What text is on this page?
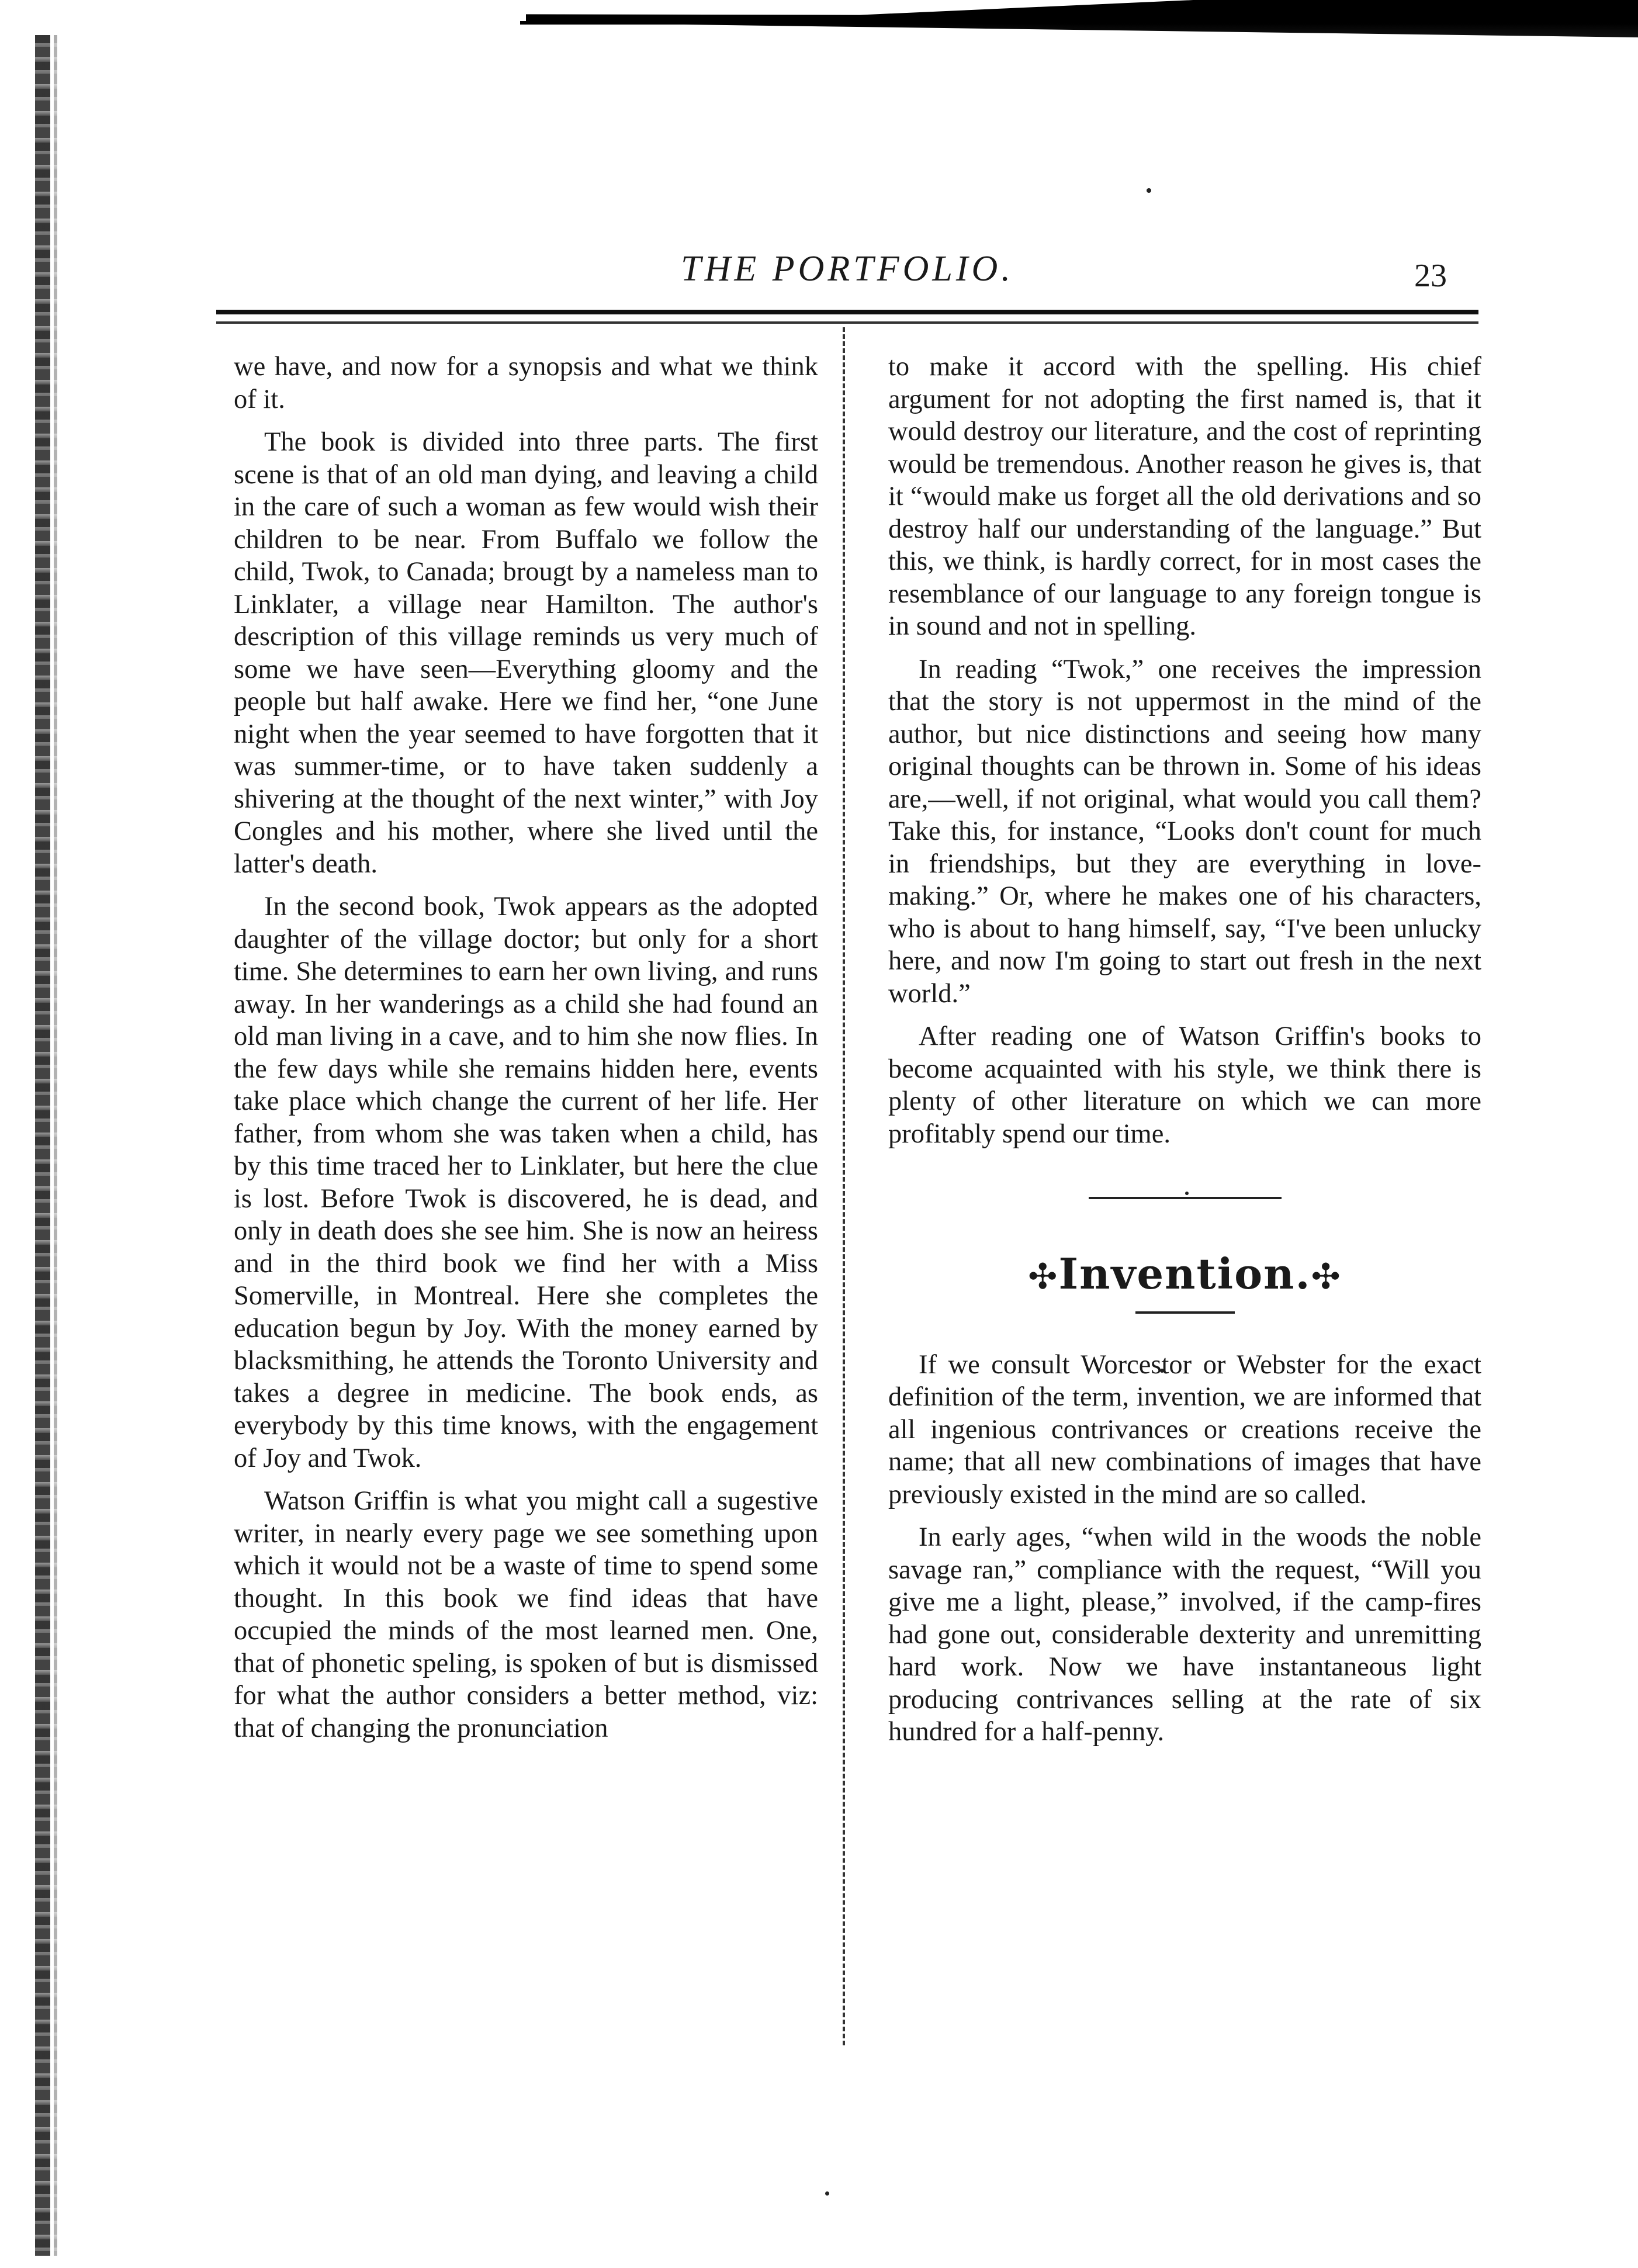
THE PORTFOLIO.	23

we have, and now for a synopsis and what we think of it.

The book is divided into three parts. The first scene is that of an old man dying, and leaving a child in the care of such a woman as few would wish their children to be near. From Buffalo we follow the child, Twok, to Canada; brougt by a nameless man to Linklater, a village near Hamilton. The author's description of this village reminds us very much of some we have seen—Everything gloomy and the people but half awake. Here we find her, “one June night when the year seemed to have forgotten that it was summer-time, or to have taken suddenly a shivering at the thought of the next winter,” with Joy Congles and his mother, where she lived until the latter's death.

In the second book, Twok appears as the adopted daughter of the village doctor; but only for a short time. She determines to earn her own living, and runs away. In her wanderings as a child she had found an old man living in a cave, and to him she now flies. In the few days while she remains hidden here, events take place which change the current of her life. Her father, from whom she was taken when a child, has by this time traced her to Linklater, but here the clue is lost. Before Twok is discovered, he is dead, and only in death does she see him. She is now an heiress and in the third book we find her with a Miss Somerville, in Montreal. Here she completes the education begun by Joy. With the money earned by blacksmithing, he attends the Toronto University and takes a degree in medicine. The book ends, as everybody by this time knows, with the engagement of Joy and Twok.

Watson Griffin is what you might call a sugestive writer, in nearly every page we see something upon which it would not be a waste of time to spend some thought. In this book we find ideas that have occupied the minds of the most learned men. One, that of phonetic speling, is spoken of but is dismissed for what the author considers a better method, viz: that of changing the pronunciation

to make it accord with the spelling. His chief argument for not adopting the first named is, that it would destroy our literature, and the cost of reprinting would be tremendous. Another reason he gives is, that it “would make us forget all the old derivations and so destroy half our understanding of the language.” But this, we think, is hardly correct, for in most cases the resemblance of our language to any foreign tongue is in sound and not in spelling.

In reading “Twok,” one receives the impression that the story is not uppermost in the mind of the author, but nice distinctions and seeing how many original thoughts can be thrown in. Some of his ideas are,—well, if not original, what would you call them? Take this, for instance, “Looks don't count for much in friendships, but they are everything in love-making.” Or, where he makes one of his characters, who is about to hang himself, say, “I've been unlucky here, and now I'm going to start out fresh in the next world.”

After reading one of Watson Griffin's books to become acquainted with his style, we think there is plenty of other literature on which we can more profitably spend our time.

✣Invention.✣

If we consult Worcestor or Webster for the exact definition of the term, invention, we are informed that all ingenious contrivances or creations receive the name; that all new combinations of images that have previously existed in the mind are so called.

In early ages, “when wild in the woods the noble savage ran,” compliance with the request, “Will you give me a light, please,” involved, if the camp-fires had gone out, considerable dexterity and unremitting hard work. Now we have instantaneous light producing contrivances selling at the rate of six hundred for a half-penny.
